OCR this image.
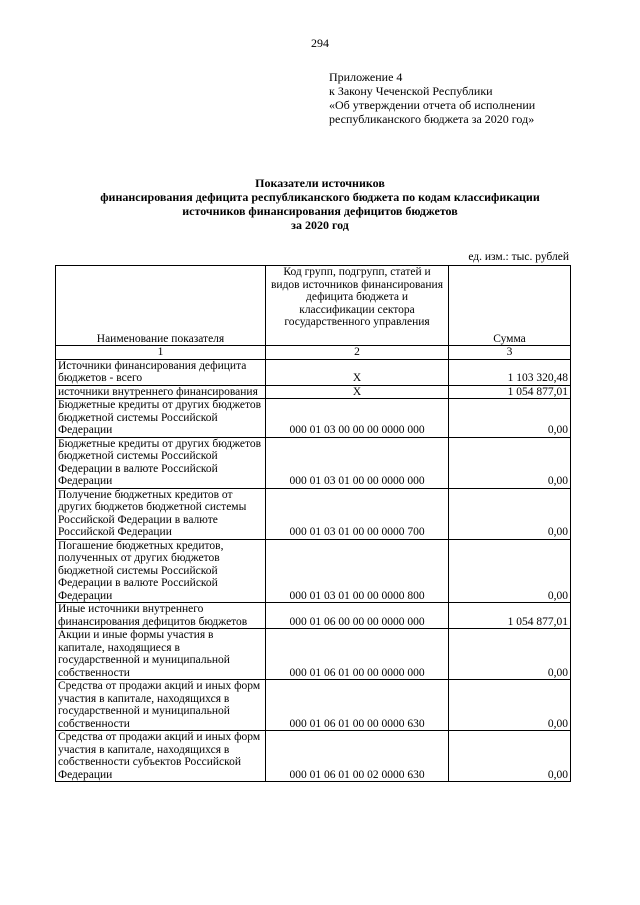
294
Приложение 4
к Закону Чеченской Республики
«Об утверждении отчета об исполнении
республиканского бюджета за 2020 год»
Показатели источников
финансирования дефицита республиканского бюджета по кодам классификации
источников финансирования дефицитов бюджетов
за 2020 год
ед. изм.: тыс. рублей
Наименование показателя	Код групп, подгрупп, статей и видов источников финансирования дефицита бюджета и классификации сектора государственного управления	Сумма
1	2	3
Источники финансирования дефицита бюджетов - всего	X	1 103 320,48
источники внутреннего финансирования	X	1 054 877,01
Бюджетные кредиты от других бюджетов бюджетной системы Российской Федерации	000 01 03 00 00 00 0000 000	0,00
Бюджетные кредиты от других бюджетов бюджетной системы Российской Федерации в валюте Российской Федерации	000 01 03 01 00 00 0000 000	0,00
Получение бюджетных кредитов от других бюджетов бюджетной системы Российской Федерации в валюте Российской Федерации	000 01 03 01 00 00 0000 700	0,00
Погашение бюджетных кредитов, полученных от других бюджетов бюджетной системы Российской Федерации в валюте Российской Федерации	000 01 03 01 00 00 0000 800	0,00
Иные источники внутреннего финансирования дефицитов бюджетов	000 01 06 00 00 00 0000 000	1 054 877,01
Акции и иные формы участия в капитале, находящиеся в государственной и муниципальной собственности	000 01 06 01 00 00 0000 000	0,00
Средства от продажи акций и иных форм участия в капитале, находящихся в государственной и муниципальной собственности	000 01 06 01 00 00 0000 630	0,00
Средства от продажи акций и иных форм участия в капитале, находящихся в собственности субъектов Российской Федерации	000 01 06 01 00 02 0000 630	0,00
